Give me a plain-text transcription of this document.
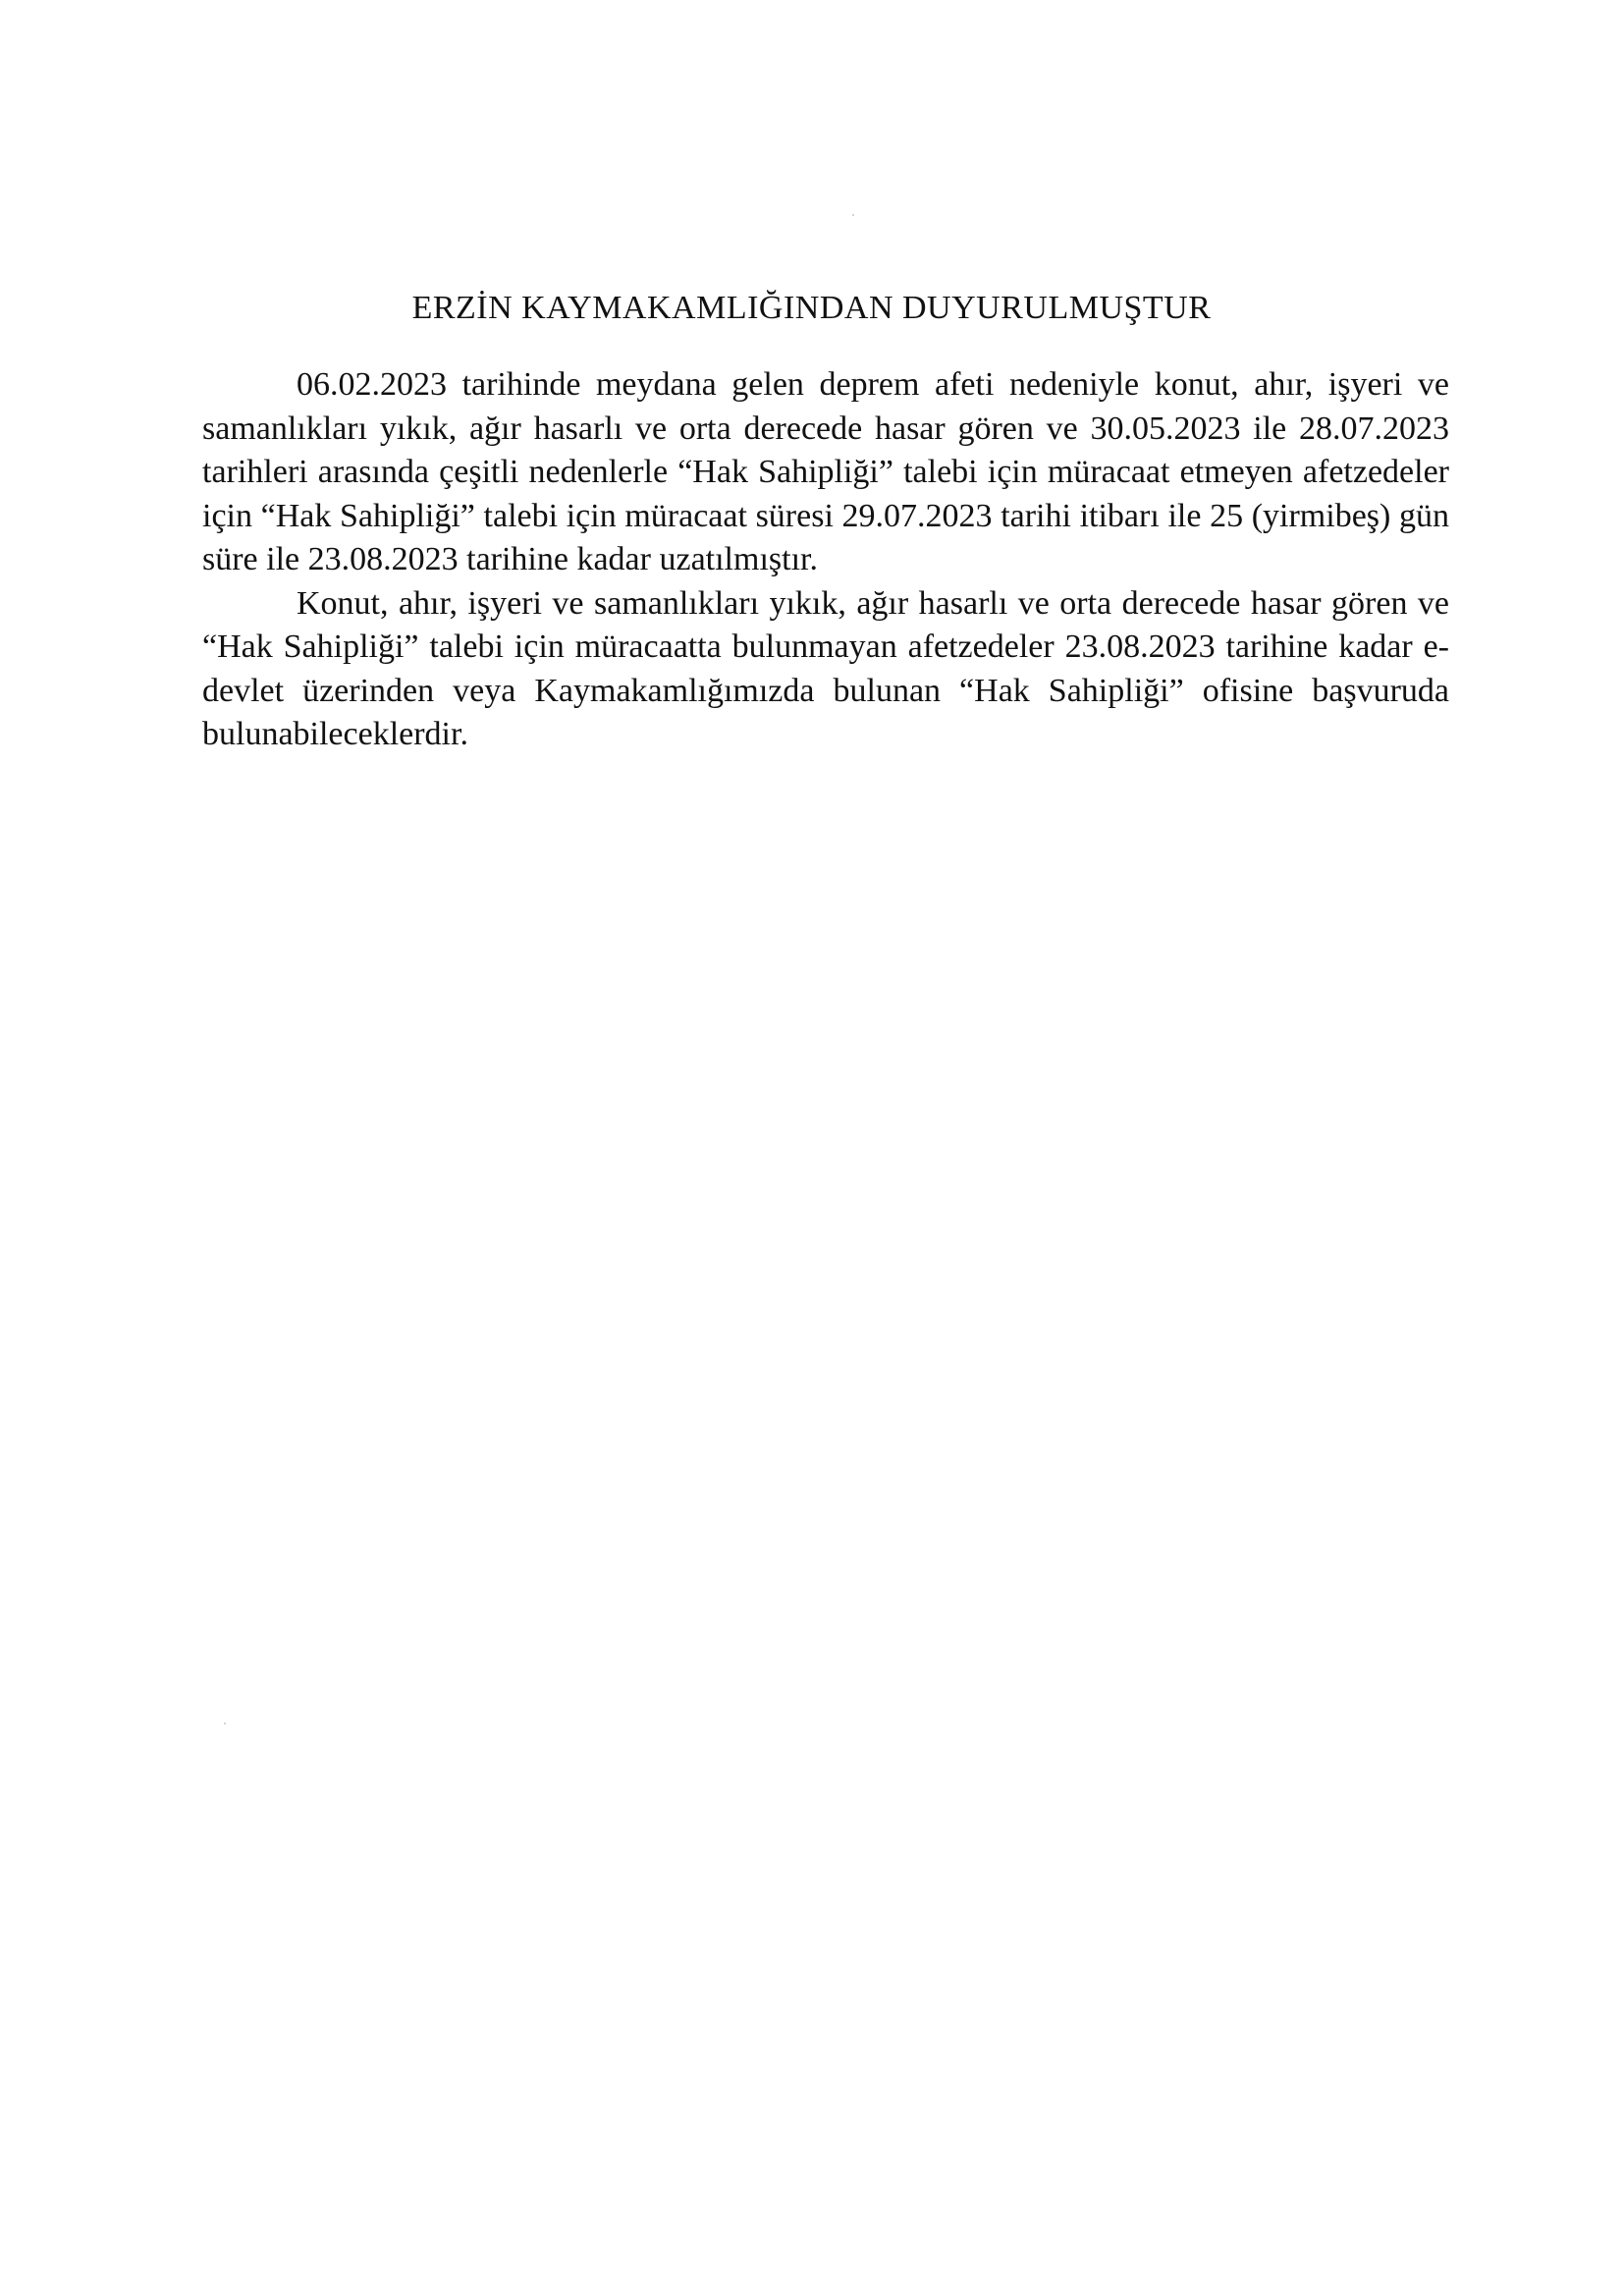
ERZİN KAYMAKAMLIĞINDAN DUYURULMUŞTUR

06.02.2023 tarihinde meydana gelen deprem afeti nedeniyle konut, ahır, işyeri ve samanlıkları yıkık, ağır hasarlı ve orta derecede hasar gören ve 30.05.2023 ile 28.07.2023 tarihleri arasında çeşitli nedenlerle “Hak Sahipliği” talebi için müracaat etmeyen afetzedeler için “Hak Sahipliği” talebi için müracaat süresi 29.07.2023 tarihi itibarı ile 25 (yirmibeş) gün süre ile 23.08.2023 tarihine kadar uzatılmıştır.

Konut, ahır, işyeri ve samanlıkları yıkık, ağır hasarlı ve orta derecede hasar gören ve “Hak Sahipliği” talebi için müracaatta bulunmayan afetzedeler 23.08.2023 tarihine kadar e-devlet üzerinden veya Kaymakamlığımızda bulunan “Hak Sahipliği” ofisine başvuruda bulunabileceklerdir.
